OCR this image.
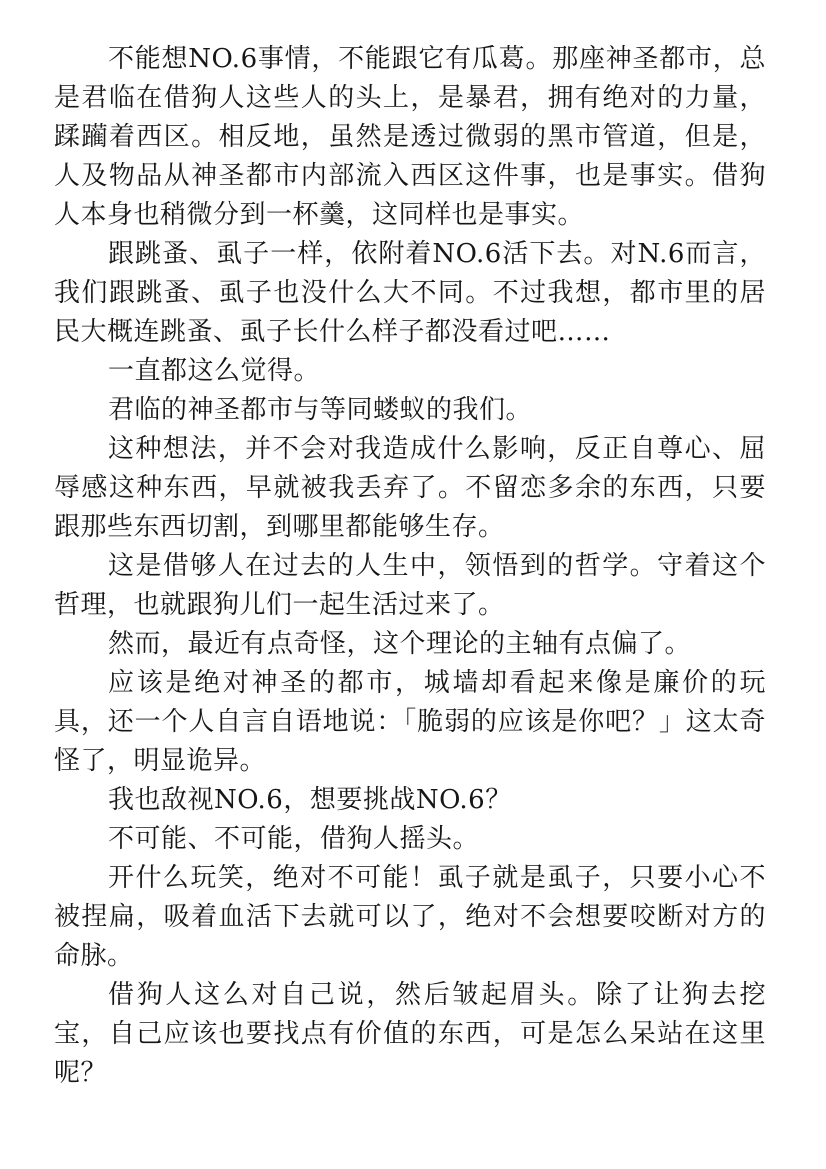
不能想NO.6事情，不能跟它有瓜葛。那座神圣都市，总是君临在借狗人这些人的头上，是暴君，拥有绝对的力量，蹂躏着西区。相反地，虽然是透过微弱的黑市管道，但是，人及物品从神圣都市内部流入西区这件事，也是事实。借狗人本身也稍微分到一杯羹，这同样也是事实。

跟跳蚤、虱子一样，依附着NO.6活下去。对N.6而言，我们跟跳蚤、虱子也没什么大不同。不过我想，都市里的居民大概连跳蚤、虱子长什么样子都没看过吧……

一直都这么觉得。

君临的神圣都市与等同蝼蚁的我们。

这种想法，并不会对我造成什么影响，反正自尊心、屈辱感这种东西，早就被我丢弃了。不留恋多余的东西，只要跟那些东西切割，到哪里都能够生存。

这是借够人在过去的人生中，领悟到的哲学。守着这个哲理，也就跟狗儿们一起生活过来了。

然而，最近有点奇怪，这个理论的主轴有点偏了。

应该是绝对神圣的都市，城墙却看起来像是廉价的玩具，还一个人自言自语地说：「脆弱的应该是你吧？」这太奇怪了，明显诡异。

我也敌视NO.6，想要挑战NO.6？

不可能、不可能，借狗人摇头。

开什么玩笑，绝对不可能！虱子就是虱子，只要小心不被捏扁，吸着血活下去就可以了，绝对不会想要咬断对方的命脉。

借狗人这么对自己说，然后皱起眉头。除了让狗去挖宝，自己应该也要找点有价值的东西，可是怎么呆站在这里呢？
